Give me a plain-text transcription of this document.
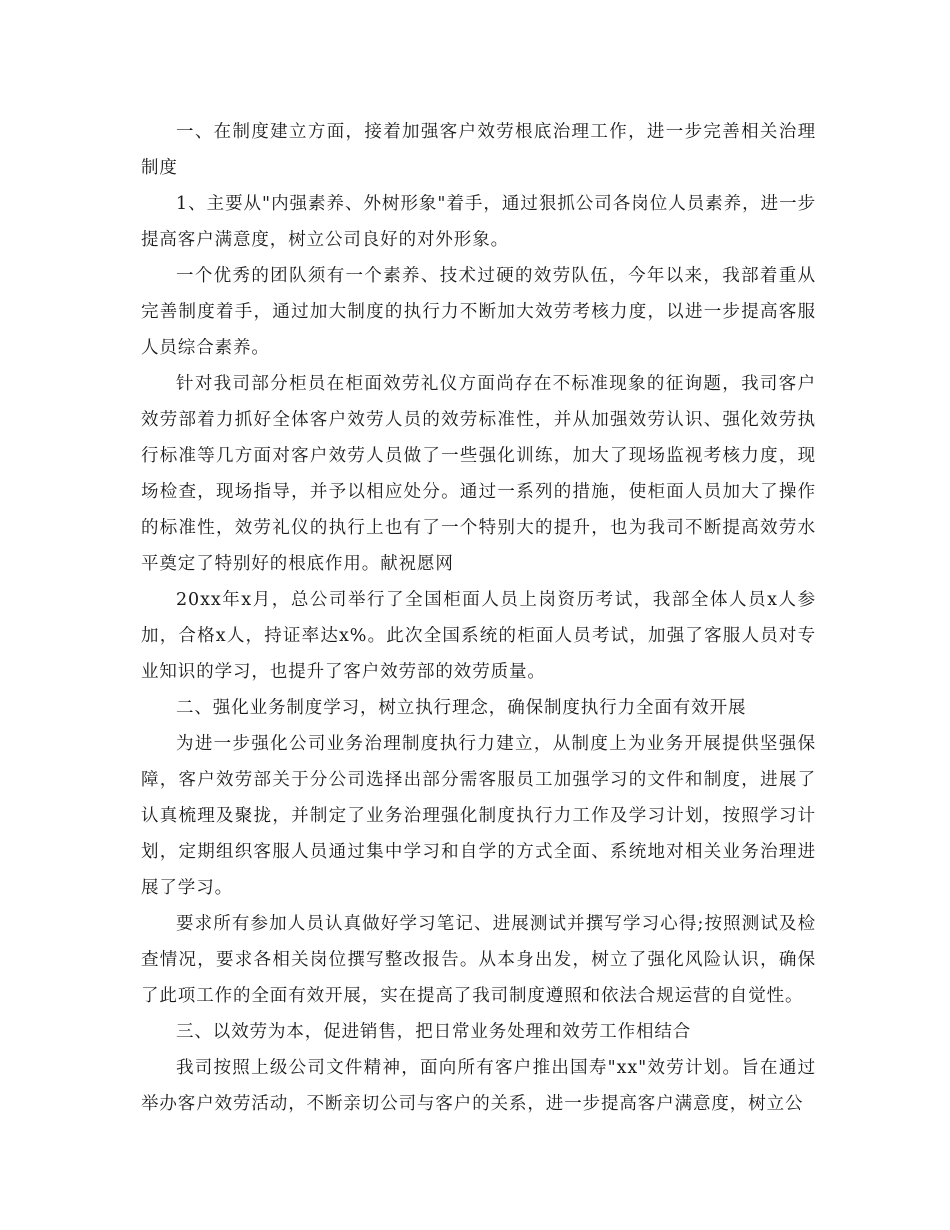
一、在制度建立方面，接着加强客户效劳根底治理工作，进一步完善相关治理制度

1、主要从"内强素养、外树形象"着手，通过狠抓公司各岗位人员素养，进一步提高客户满意度，树立公司良好的对外形象。

一个优秀的团队须有一个素养、技术过硬的效劳队伍，今年以来，我部着重从完善制度着手，通过加大制度的执行力不断加大效劳考核力度，以进一步提高客服人员综合素养。

针对我司部分柜员在柜面效劳礼仪方面尚存在不标准现象的征询题，我司客户效劳部着力抓好全体客户效劳人员的效劳标准性，并从加强效劳认识、强化效劳执行标准等几方面对客户效劳人员做了一些强化训练，加大了现场监视考核力度，现场检查，现场指导，并予以相应处分。通过一系列的措施，使柜面人员加大了操作的标准性，效劳礼仪的执行上也有了一个特别大的提升，也为我司不断提高效劳水平奠定了特别好的根底作用。献祝愿网

20xx年x月，总公司举行了全国柜面人员上岗资历考试，我部全体人员x人参加，合格x人，持证率达x%。此次全国系统的柜面人员考试，加强了客服人员对专业知识的学习，也提升了客户效劳部的效劳质量。

二、强化业务制度学习，树立执行理念，确保制度执行力全面有效开展

为进一步强化公司业务治理制度执行力建立，从制度上为业务开展提供坚强保障，客户效劳部关于分公司选择出部分需客服员工加强学习的文件和制度，进展了认真梳理及聚拢，并制定了业务治理强化制度执行力工作及学习计划，按照学习计划，定期组织客服人员通过集中学习和自学的方式全面、系统地对相关业务治理进展了学习。

要求所有参加人员认真做好学习笔记、进展测试并撰写学习心得;按照测试及检查情况，要求各相关岗位撰写整改报告。从本身出发，树立了强化风险认识，确保了此项工作的全面有效开展，实在提高了我司制度遵照和依法合规运营的自觉性。

三、以效劳为本，促进销售，把日常业务处理和效劳工作相结合

我司按照上级公司文件精神，面向所有客户推出国寿"xx"效劳计划。旨在通过举办客户效劳活动，不断亲切公司与客户的关系，进一步提高客户满意度，树立公
